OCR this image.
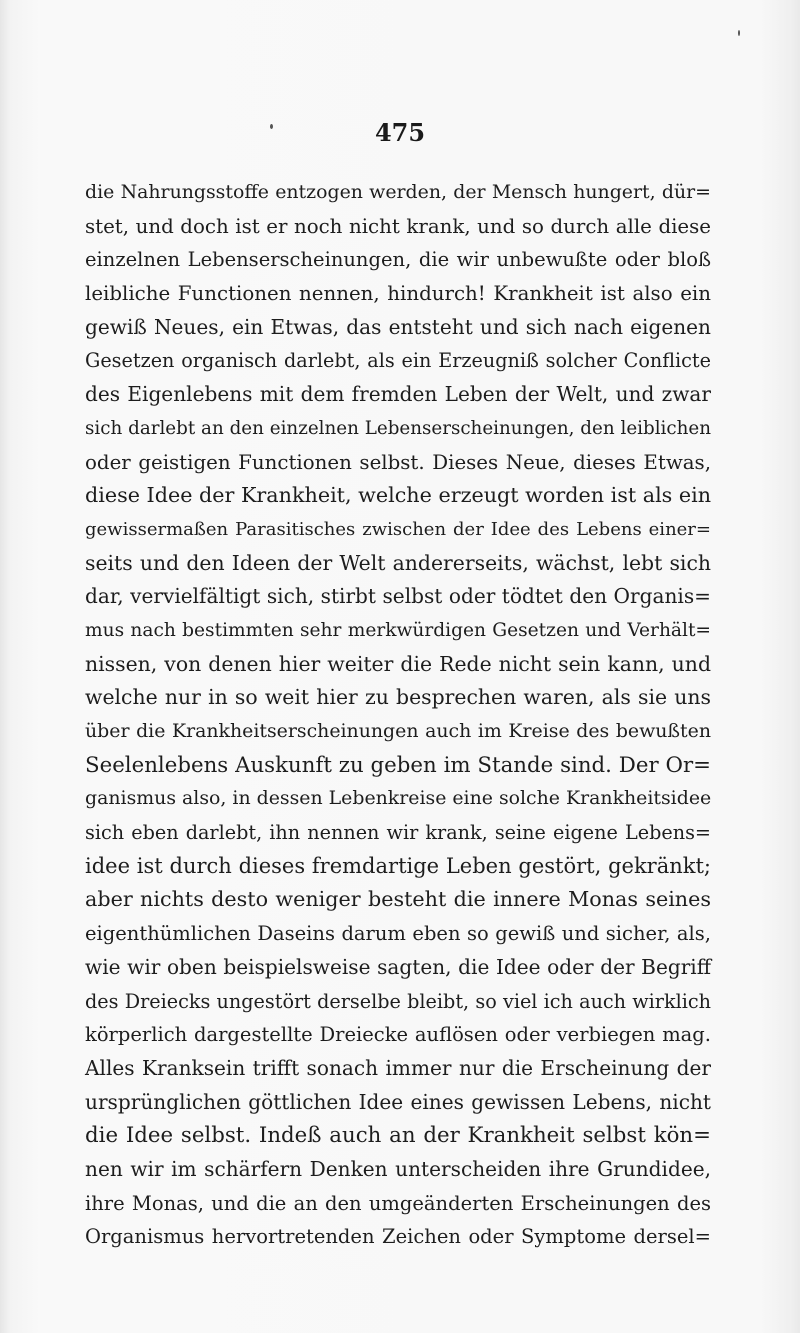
475
die Nahrungsstoffe entzogen werden, der Mensch hungert, dür=
stet, und doch ist er noch nicht krank, und so durch alle diese
einzelnen Lebenserscheinungen, die wir unbewußte oder bloß
leibliche Functionen nennen, hindurch! Krankheit ist also ein
gewiß Neues, ein Etwas, das entsteht und sich nach eigenen
Gesetzen organisch darlebt, als ein Erzeugniß solcher Conflicte
des Eigenlebens mit dem fremden Leben der Welt, und zwar
sich darlebt an den einzelnen Lebenserscheinungen, den leiblichen
oder geistigen Functionen selbst. Dieses Neue, dieses Etwas,
diese Idee der Krankheit, welche erzeugt worden ist als ein
gewissermaßen Parasitisches zwischen der Idee des Lebens einer=
seits und den Ideen der Welt andererseits, wächst, lebt sich
dar, vervielfältigt sich, stirbt selbst oder tödtet den Organis=
mus nach bestimmten sehr merkwürdigen Gesetzen und Verhält=
nissen, von denen hier weiter die Rede nicht sein kann, und
welche nur in so weit hier zu besprechen waren, als sie uns
über die Krankheitserscheinungen auch im Kreise des bewußten
Seelenlebens Auskunft zu geben im Stande sind. Der Or=
ganismus also, in dessen Lebenkreise eine solche Krankheitsidee
sich eben darlebt, ihn nennen wir krank, seine eigene Lebens=
idee ist durch dieses fremdartige Leben gestört, gekränkt;
aber nichts desto weniger besteht die innere Monas seines
eigenthümlichen Daseins darum eben so gewiß und sicher, als,
wie wir oben beispielsweise sagten, die Idee oder der Begriff
des Dreiecks ungestört derselbe bleibt, so viel ich auch wirklich
körperlich dargestellte Dreiecke auflösen oder verbiegen mag.
Alles Kranksein trifft sonach immer nur die Erscheinung der
ursprünglichen göttlichen Idee eines gewissen Lebens, nicht
die Idee selbst. Indeß auch an der Krankheit selbst kön=
nen wir im schärfern Denken unterscheiden ihre Grundidee,
ihre Monas, und die an den umgeänderten Erscheinungen des
Organismus hervortretenden Zeichen oder Symptome dersel=
